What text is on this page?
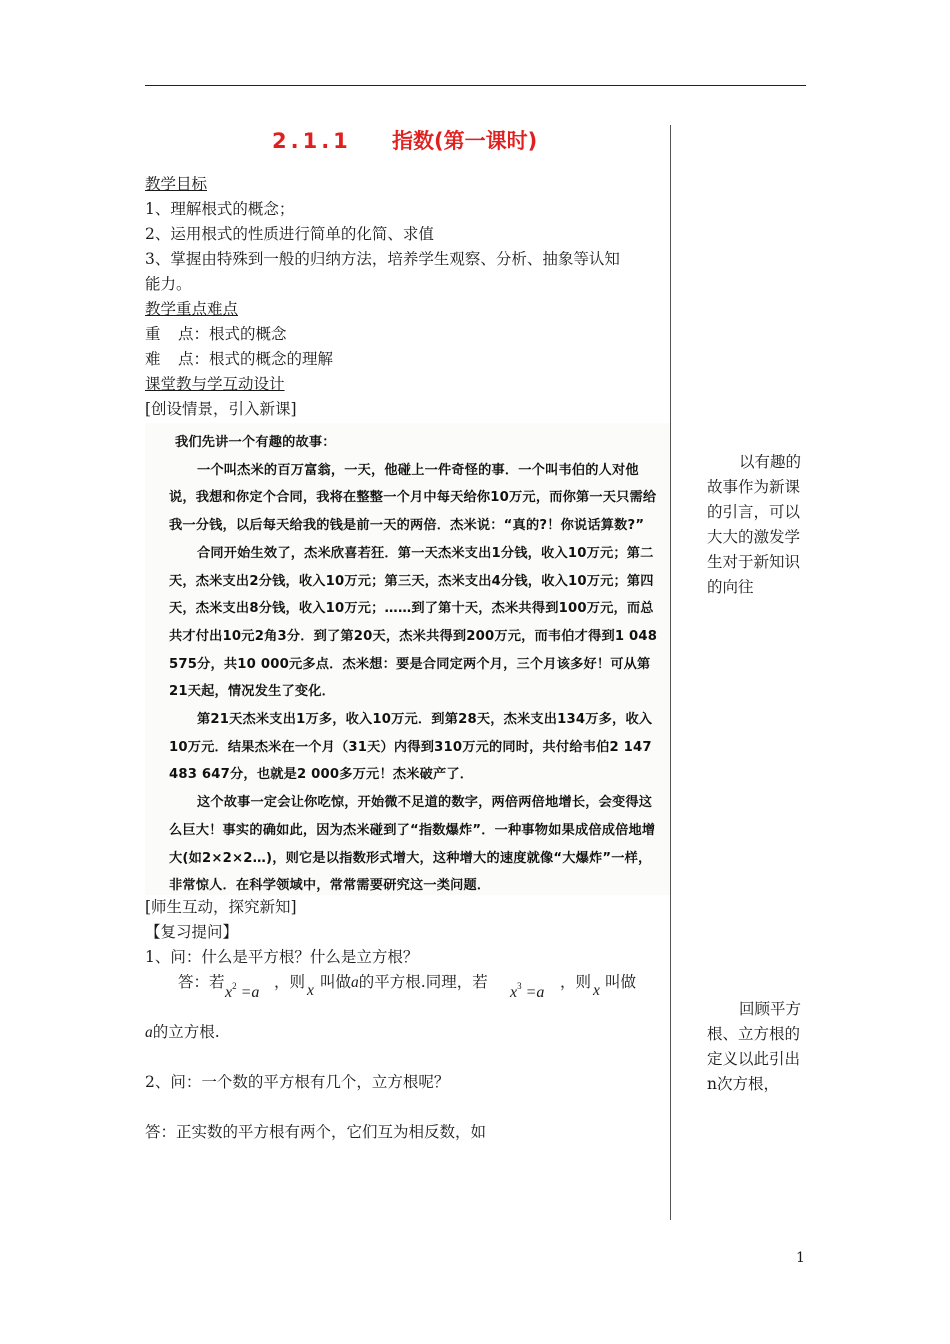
2.1.1 指数(第一课时)
教学目标
1、理解根式的概念；
2、运用根式的性质进行简单的化简、求值
3、掌握由特殊到一般的归纳方法，培养学生观察、分析、抽象等认知
能力。
教学重点难点
重 点：根式的概念
难 点：根式的概念的理解
课堂教与学互动设计
[创设情景，引入新课]

我们先讲一个有趣的故事：

一个叫杰米的百万富翁，一天，他碰上一件奇怪的事．一个叫韦伯的人对他说，我想和你定个合同，我将在整整一个月中每天给你10万元，而你第一天只需给我一分钱，以后每天给我的钱是前一天的两倍．杰米说：“真的?！你说话算数?”

合同开始生效了，杰米欣喜若狂．第一天杰米支出1分钱，收入10万元；第二天，杰米支出2分钱，收入10万元；第三天，杰米支出4分钱，收入10万元；第四天，杰米支出8分钱，收入10万元；……到了第十天，杰米共得到100万元，而总共才付出10元2角3分．到了第20天，杰米共得到200万元，而韦伯才得到1 048 575分，共10 000元多点．杰米想：要是合同定两个月，三个月该多好！可从第21天起，情况发生了变化．

第21天杰米支出1万多，收入10万元．到第28天，杰米支出134万多，收入10万元．结果杰米在一个月（31天）内得到310万元的同时，共付给韦伯2 147 483 647分，也就是2 000多万元！杰米破产了．

这个故事一定会让你吃惊，开始微不足道的数字，两倍两倍地增长，会变得这么巨大！事实的确如此，因为杰米碰到了“指数爆炸”．一种事物如果成倍成倍地增大(如2×2×2…)，则它是以指数形式增大，这种增大的速度就像“大爆炸”一样，非常惊人．在科学领域中，常常需要研究这一类问题．

[师生互动，探究新知]
【复习提问】
1、问：什么是平方根？什么是立方根？
答：若
$x^2 =a$
，则 x 叫做a的平方根.同理，若
$x^3 =a$
，则 x 叫做
a的立方根.
2、问：一个数的平方根有几个，立方根呢？
答：正实数的平方根有两个，它们互为相反数，如
以有趣的
故事作为新课
的引言，可以
大大的激发学
生对于新知识
的向往
回顾平方
根、立方根的
定义以此引出
n次方根，
1
